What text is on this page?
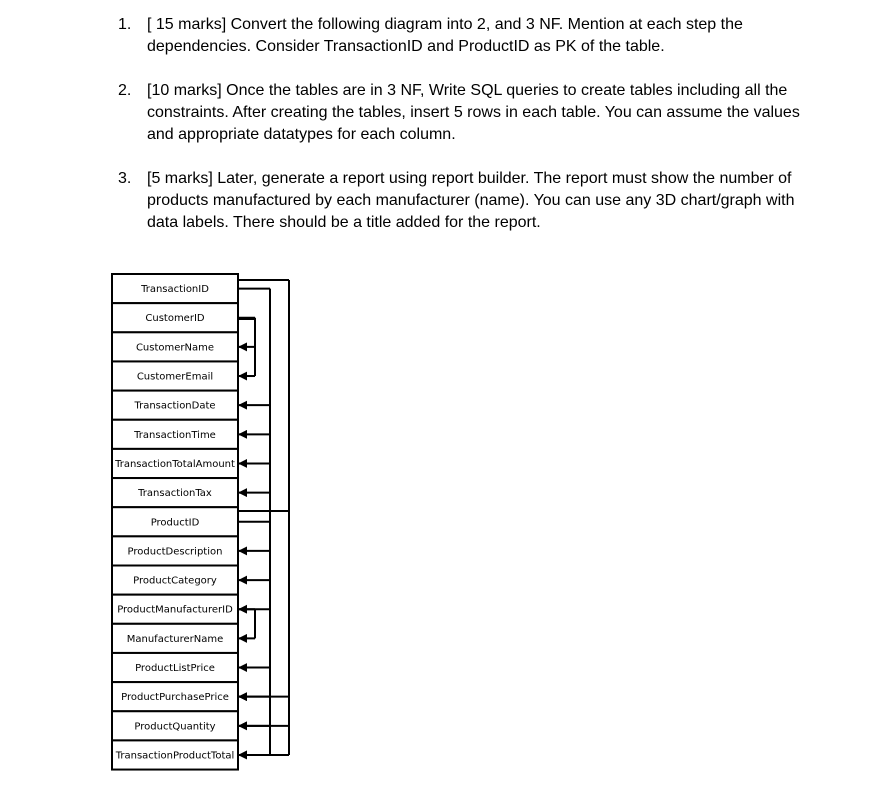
1. [ 15 marks] Convert the following diagram into 2, and 3 NF. Mention at each step the dependencies. Consider TransactionID and ProductID as PK of the table.
2. [10 marks] Once the tables are in 3 NF, Write SQL queries to create tables including all the constraints. After creating the tables, insert 5 rows in each table. You can assume the values and appropriate datatypes for each column.
3. [5 marks] Later, generate a report using report builder. The report must show the number of products manufactured by each manufacturer (name). You can use any 3D chart/graph with data labels. There should be a title added for the report.
TransactionID
CustomerID
CustomerName
CustomerEmail
TransactionDate
TransactionTime
TransactionTotalAmount
TransactionTax
ProductID
ProductDescription
ProductCategory
ProductManufacturerID
ManufacturerName
ProductListPrice
ProductPurchasePrice
ProductQuantity
TransactionProductTotal
